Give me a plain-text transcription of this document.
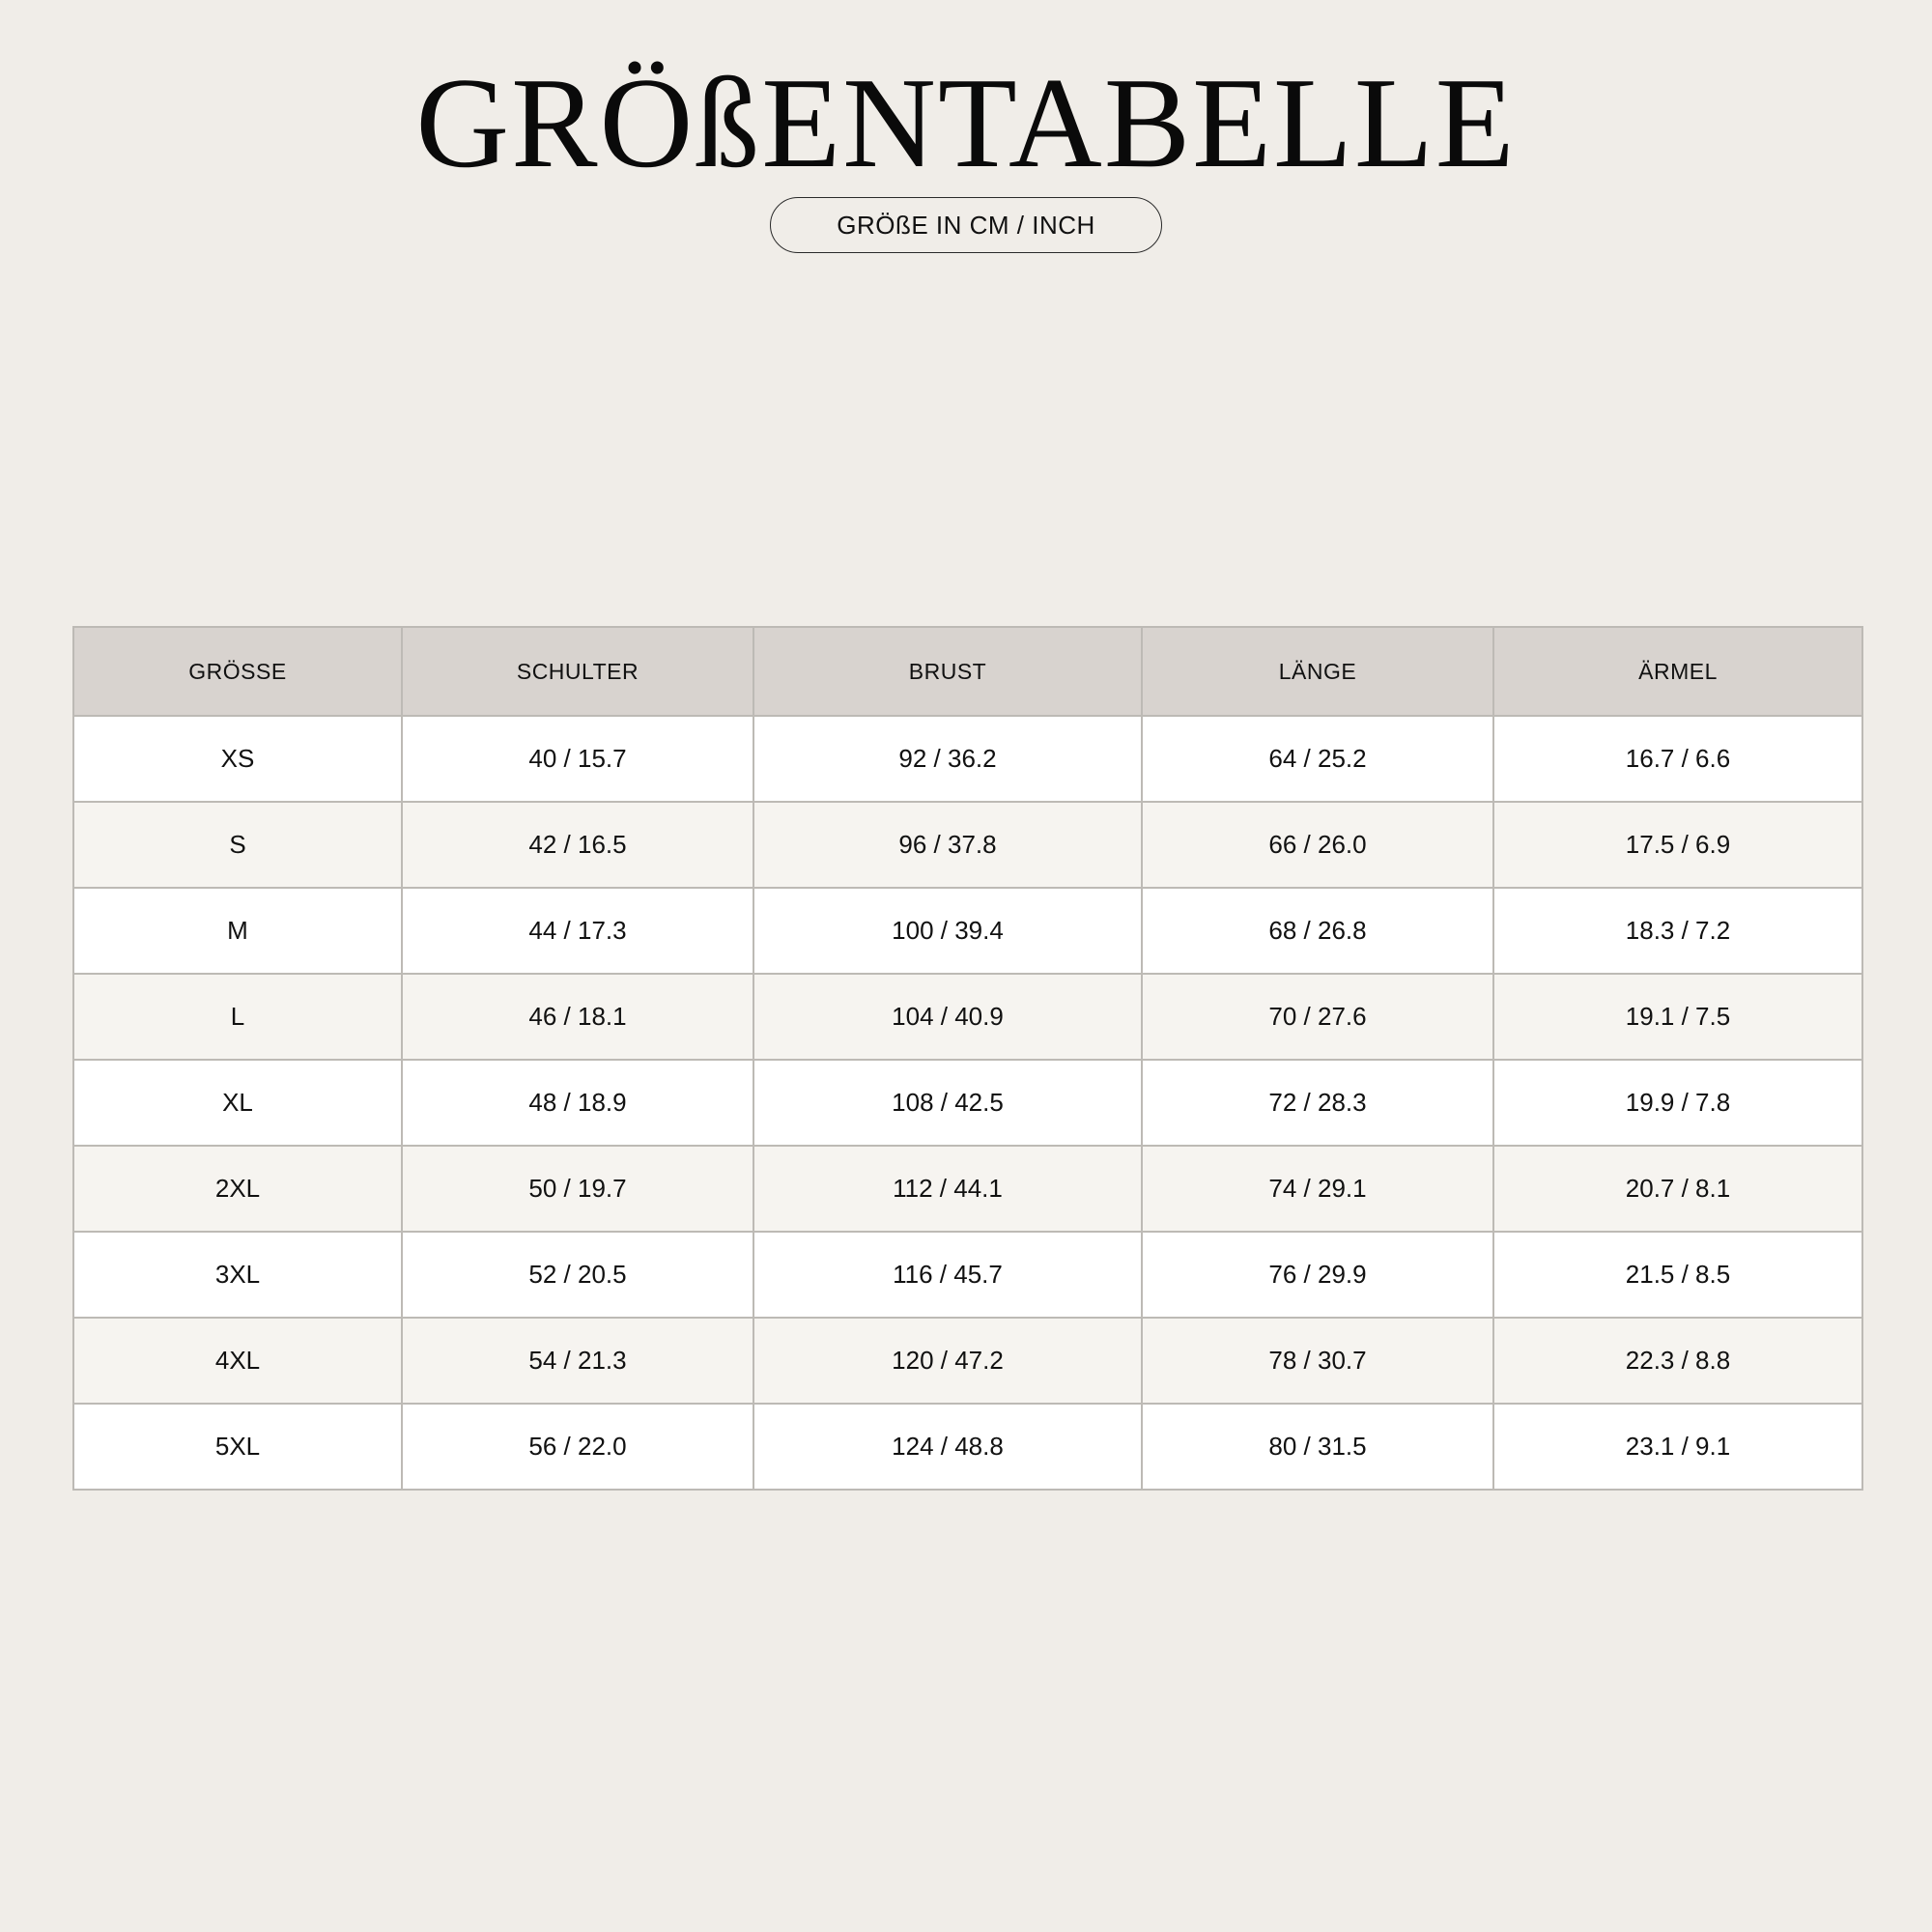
GRÖßENTABELLE
GRÖßE IN CM / INCH
GRÖSSE	SCHULTER	BRUST	LÄNGE	ÄRMEL
XS	40 / 15.7	92 / 36.2	64 / 25.2	16.7 / 6.6
S	42 / 16.5	96 / 37.8	66 / 26.0	17.5 / 6.9
M	44 / 17.3	100 / 39.4	68 / 26.8	18.3 / 7.2
L	46 / 18.1	104 / 40.9	70 / 27.6	19.1 / 7.5
XL	48 / 18.9	108 / 42.5	72 / 28.3	19.9 / 7.8
2XL	50 / 19.7	112 / 44.1	74 / 29.1	20.7 / 8.1
3XL	52 / 20.5	116 / 45.7	76 / 29.9	21.5 / 8.5
4XL	54 / 21.3	120 / 47.2	78 / 30.7	22.3 / 8.8
5XL	56 / 22.0	124 / 48.8	80 / 31.5	23.1 / 9.1
